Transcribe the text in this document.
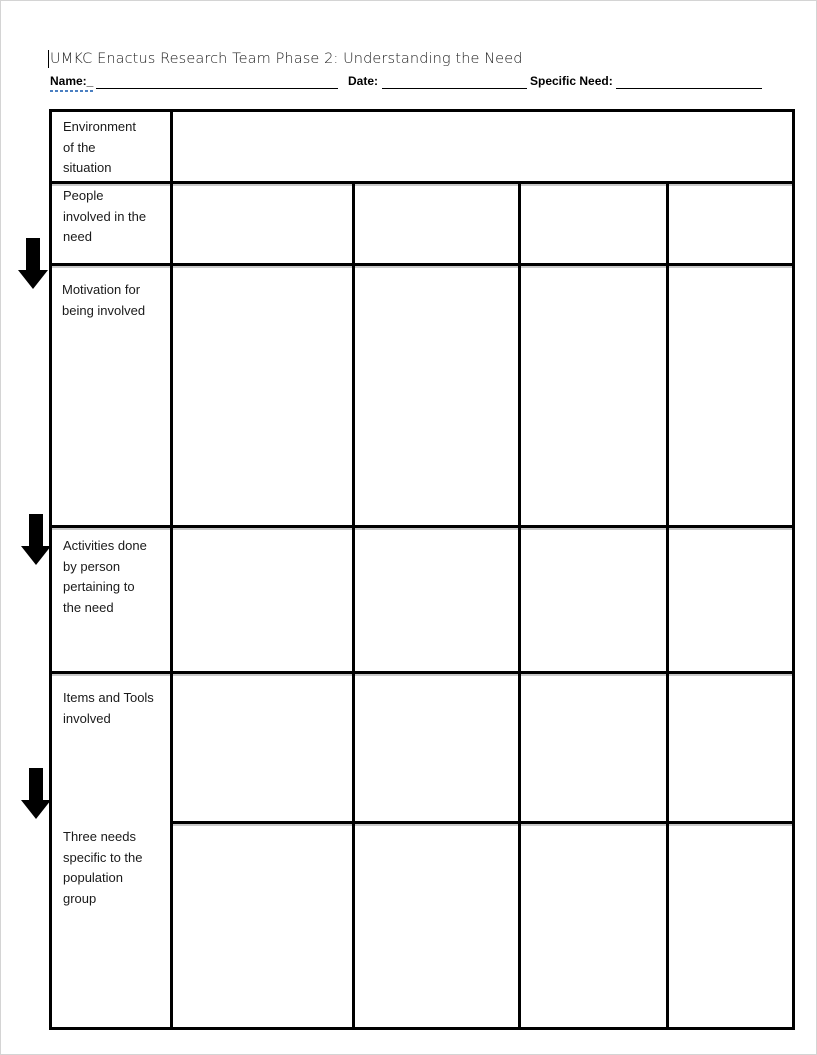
UMKC Enactus Research Team Phase 2: Understanding the Need
Name:_	Date:	Specific Need:
Environment
of the
situation
People
involved in the
need
Motivation for
being involved
Activities done
by person
pertaining to
the need
Items and Tools
involved
Three needs
specific to the
population
group
